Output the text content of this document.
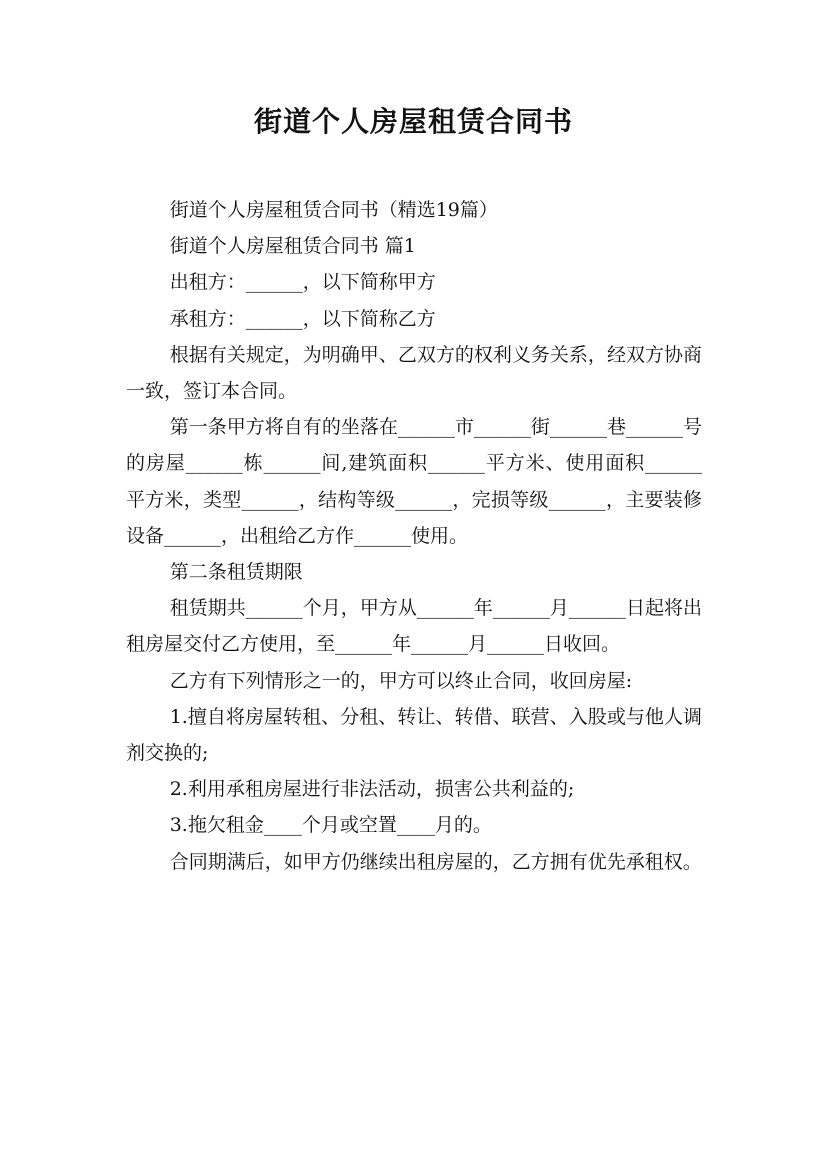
街道个人房屋租赁合同书

街道个人房屋租赁合同书（精选19篇）

街道个人房屋租赁合同书 篇1

出租方：______，以下简称甲方

承租方：______，以下简称乙方

根据有关规定，为明确甲、乙双方的权利义务关系，经双方协商一致，签订本合同。

第一条甲方将自有的坐落在______市______街______巷______号的房屋______栋______间,建筑面积______平方米、使用面积______平方米，类型______，结构等级______，完损等级______，主要装修设备______，出租给乙方作______使用。

第二条租赁期限

租赁期共______个月，甲方从______年______月______日起将出租房屋交付乙方使用，至______年______月______日收回。

乙方有下列情形之一的，甲方可以终止合同，收回房屋:

1.擅自将房屋转租、分租、转让、转借、联营、入股或与他人调剂交换的;

2.利用承租房屋进行非法活动，损害公共利益的;

3.拖欠租金____个月或空置____月的。

合同期满后，如甲方仍继续出租房屋的，乙方拥有优先承租权。
